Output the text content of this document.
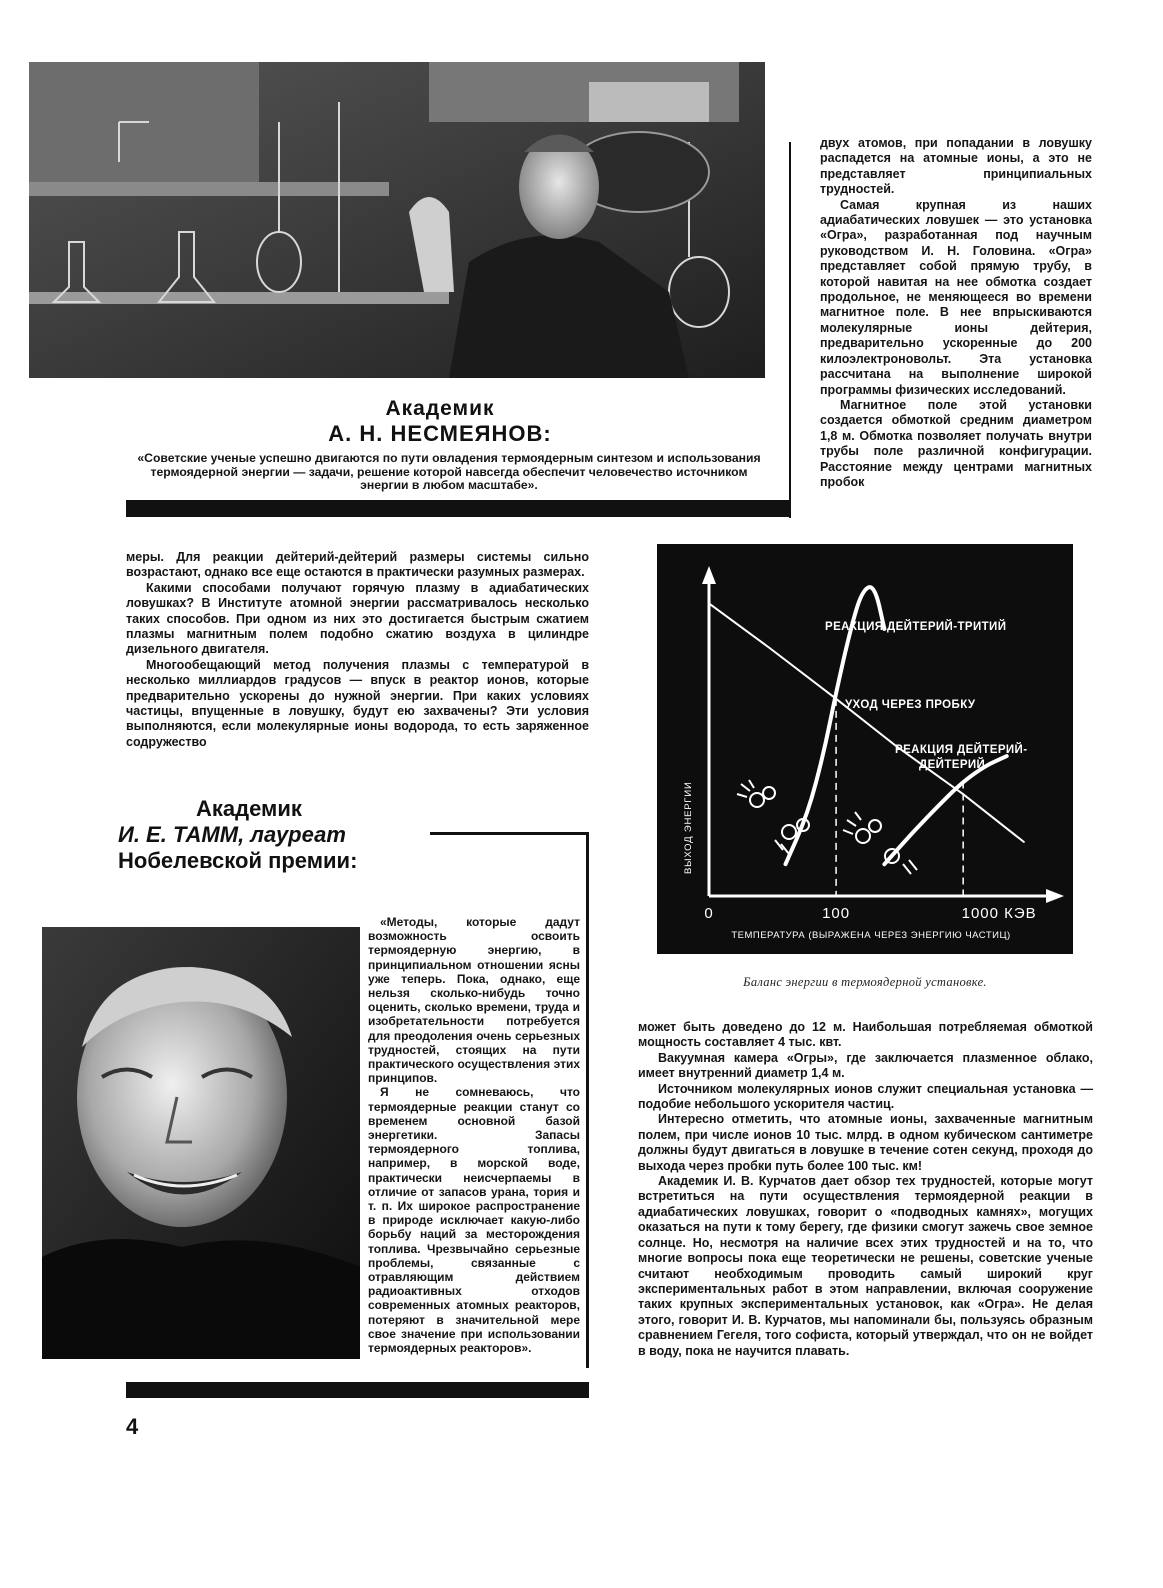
Академик
А. Н. НЕСМЕЯНОВ:
«Советские ученые успешно двигаются по пути овладения термоядерным синтезом и использования термоядерной энергии — задачи, решение которой навсегда обеспечит человечество источником энергии в любом масштабе».

двух атомов, при попадании в ловушку распадется на атомные ионы, а это не представляет принципиальных трудностей.

Самая крупная из наших адиабатических ловушек — это установка «Огра», разработанная под научным руководством И. Н. Головина. «Огра» представляет собой прямую трубу, в которой навитая на нее обмотка создает продольное, не меняющееся во времени магнитное поле. В нее впрыскиваются молекулярные ионы дейтерия, предварительно ускоренные до 200 килоэлектроновольт. Эта установка рассчитана на выполнение широкой программы физических исследований.

Магнитное поле этой установки создается обмоткой средним диаметром 1,8 м. Обмотка позволяет получать внутри трубы поле различной конфигурации. Расстояние между центрами магнитных пробок

меры. Для реакции дейтерий-дейтерий размеры системы сильно возрастают, однако все еще остаются в практически разумных размерах.

Какими способами получают горячую плазму в адиабатических ловушках? В Институте атомной энергии рассматривалось несколько таких способов. При одном из них это достигается быстрым сжатием плазмы магнитным полем подобно сжатию воздуха в цилиндре дизельного двигателя.

Многообещающий метод получения плазмы с температурой в несколько миллиардов градусов — впуск в реактор ионов, которые предварительно ускорены до нужной энергии. При каких условиях частицы, впущенные в ловушку, будут ею захвачены? Эти условия выполняются, если молекулярные ионы водорода, то есть заряженное содружество

Академик
И. Е. ТАММ, лауреат
Нобелевской премии:
«Методы, которые дадут возможность освоить термоядерную энергию, в принципиальном отношении ясны уже теперь. Пока, однако, еще нельзя сколько-нибудь точно оценить, сколько времени, труда и изобретательности потребуется для преодоления очень серьезных трудностей, стоящих на пути практического осуществления этих принципов.
Я не сомневаюсь, что термоядерные реакции станут со временем основной базой энергетики. Запасы термоядерного топлива, например, в морской воде, практически неисчерпаемы в отличие от запасов урана, тория и т. п. Их широкое распространение в природе исключает какую-либо борьбу наций за месторождения топлива. Чрезвычайно серьезные проблемы, связанные с отравляющим действием радиоактивных отходов современных атомных реакторов, потеряют в значительной мере свое значение при использовании термоядерных реакторов».
0	100	1000 КЭВ
РЕАКЦИЯ ДЕЙТЕРИЙ-ТРИТИЙ
УХОД ЧЕРЕЗ ПРОБКУ
РЕАКЦИЯ ДЕЙТЕРИЙ-
ДЕЙТЕРИЙ
ВЫХОД ЭНЕРГИИ
ТЕМПЕРАТУРА (ВЫРАЖЕНА ЧЕРЕЗ ЭНЕРГИЮ ЧАСТИЦ)
Баланс энергии в термоядерной установке.

может быть доведено до 12 м. Наибольшая потребляемая обмоткой мощность составляет 4 тыс. квт.

Вакуумная камера «Огры», где заключается плазменное облако, имеет внутренний диаметр 1,4 м.

Источником молекулярных ионов служит специальная установка — подобие небольшого ускорителя частиц.

Интересно отметить, что атомные ионы, захваченные магнитным полем, при числе ионов 10 тыс. млрд. в одном кубическом сантиметре должны будут двигаться в ловушке в течение сотен секунд, проходя до выхода через пробки путь более 100 тыс. км!

Академик И. В. Курчатов дает обзор тех трудностей, которые могут встретиться на пути осуществления термоядерной реакции в адиабатических ловушках, говорит о «подводных камнях», могущих оказаться на пути к тому берегу, где физики смогут зажечь свое земное солнце. Но, несмотря на наличие всех этих трудностей и на то, что многие вопросы пока еще теоретически не решены, советские ученые считают необходимым проводить самый широкий круг экспериментальных работ в этом направлении, включая сооружение таких крупных экспериментальных установок, как «Огра». Не делая этого, говорит И. В. Курчатов, мы напоминали бы, пользуясь образным сравнением Гегеля, того софиста, который утверждал, что он не войдет в воду, пока не научится плавать.

4
